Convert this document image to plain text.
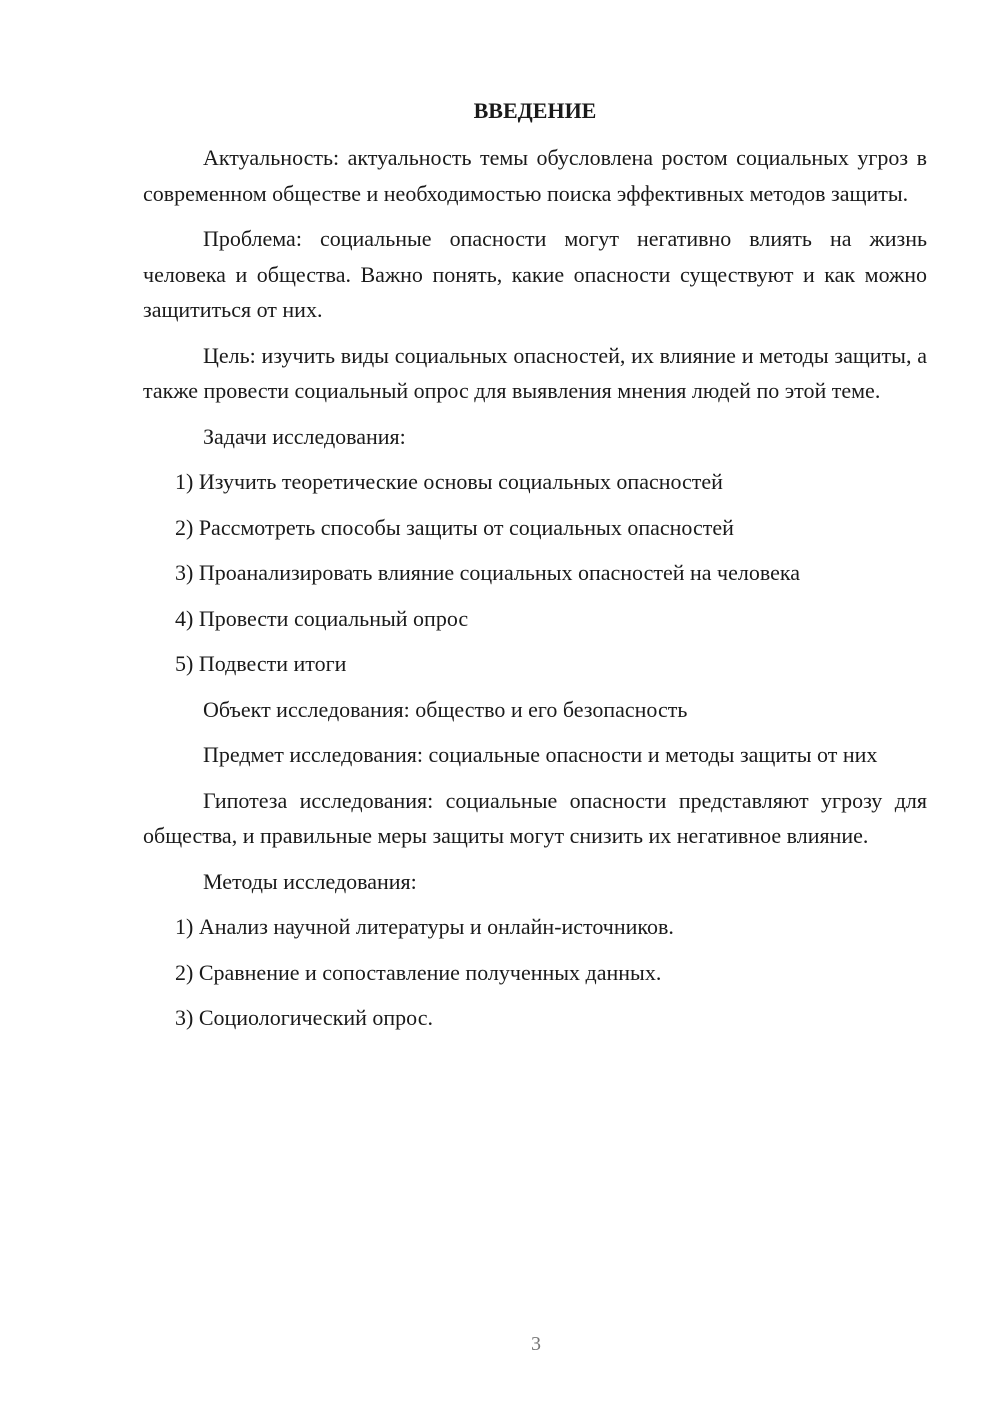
ВВЕДЕНИЕ

Актуальность: актуальность темы обусловлена ростом социальных угроз в современном обществе и необходимостью поиска эффективных методов защиты.

Проблема: социальные опасности могут негативно влиять на жизнь человека и общества. Важно понять, какие опасности существуют и как можно защититься от них.

Цель: изучить виды социальных опасностей, их влияние и методы защиты, а также провести социальный опрос для выявления мнения людей по этой теме.

Задачи исследования:

1) Изучить теоретические основы социальных опасностей
2) Рассмотреть способы защиты от социальных опасностей
3) Проанализировать влияние социальных опасностей на человека
4) Провести социальный опрос
5) Подвести итоги

Объект исследования: общество и его безопасность

Предмет исследования: социальные опасности и методы защиты от них

Гипотеза исследования: социальные опасности представляют угрозу для общества, и правильные меры защиты могут снизить их негативное влияние.

Методы исследования:

1) Анализ научной литературы и онлайн-источников.
2) Сравнение и сопоставление полученных данных.
3) Социологический опрос.
3
